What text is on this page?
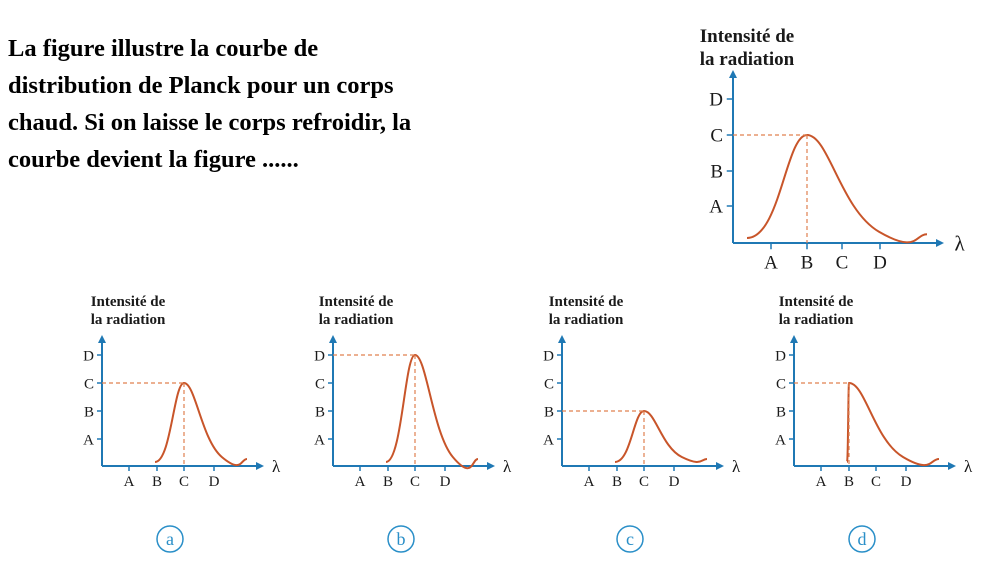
La figure illustre la courbe de distribution de Planck pour un corps chaud. Si on laisse le corps refroidir, la courbe devient la figure ......

Intensité de
la radiation
λ
A
B
C
D
A B C D
Intensité de
la radiation
λ
A
B
C
D
A B C D
a
Intensité de
la radiation
λ
A
B
C
D
A B C D
b
Intensité de
la radiation
λ
A
B
C
D
A B C D
c
Intensité de
la radiation
λ
A
B
C
D
A B C D
d
